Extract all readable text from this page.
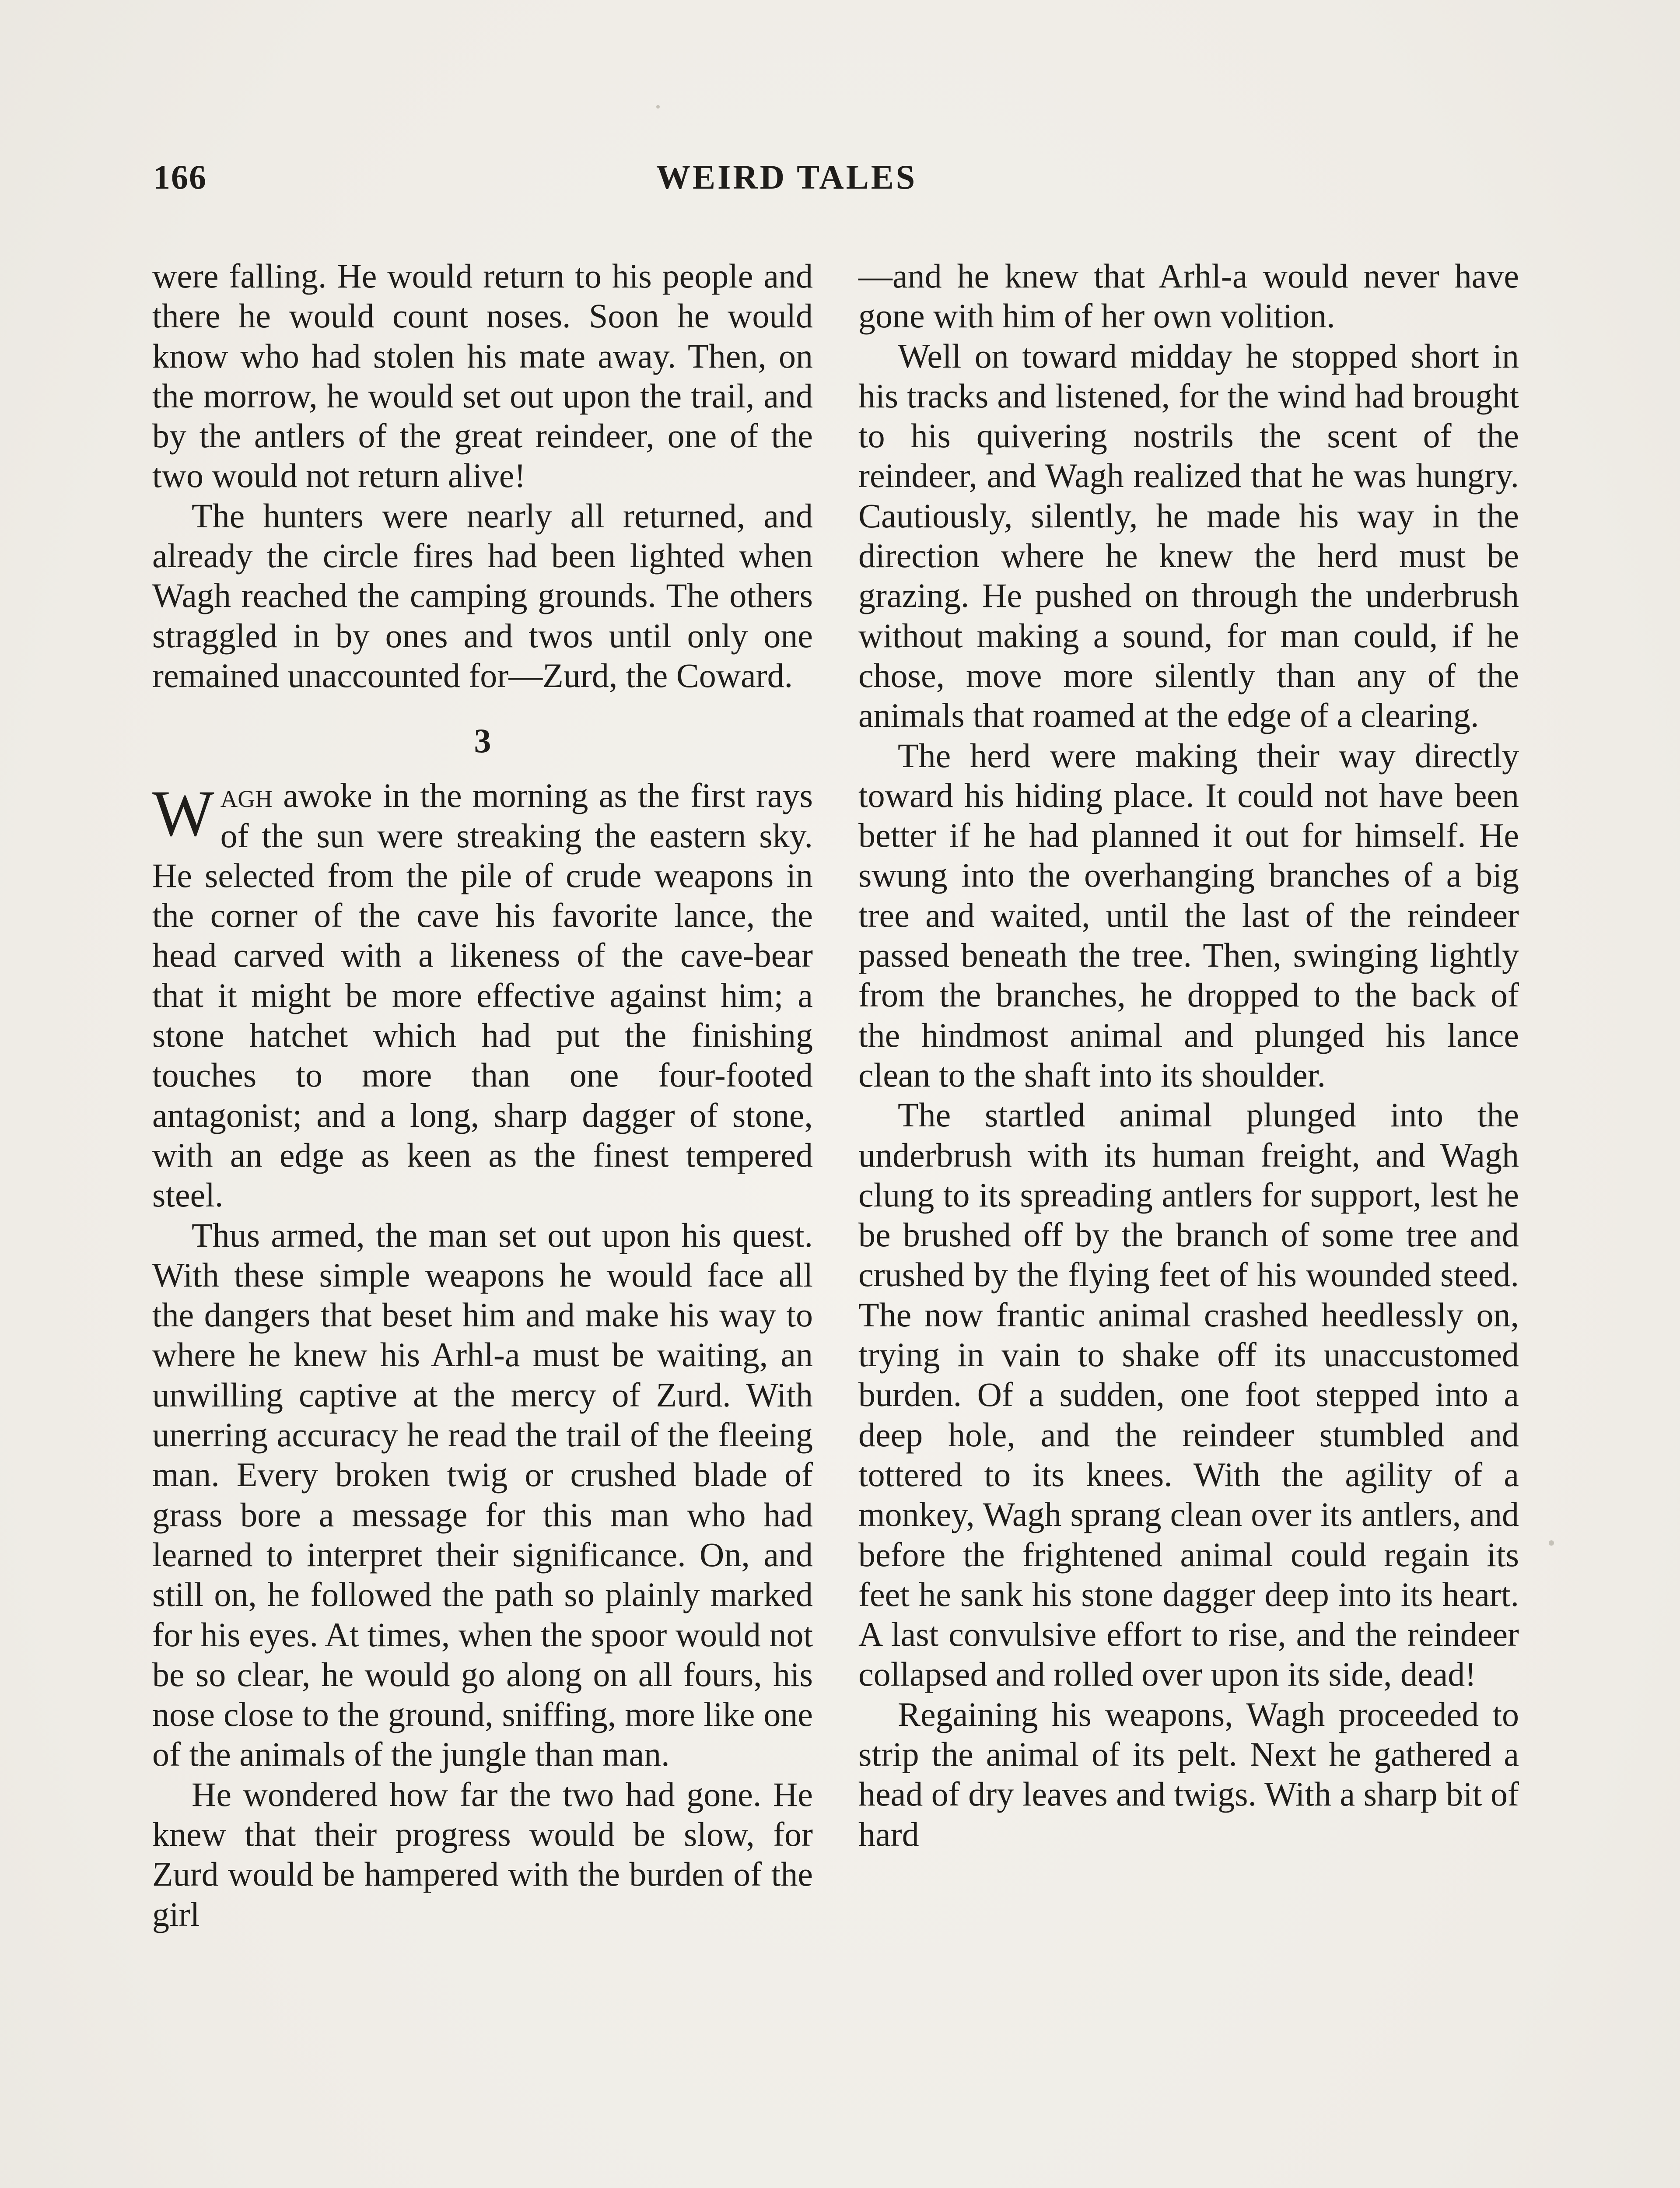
166	WEIRD TALES

were falling. He would return to his people and there he would count noses. Soon he would know who had stolen his mate away. Then, on the morrow, he would set out upon the trail, and by the antlers of the great reindeer, one of the two would not return alive!

The hunters were nearly all returned, and already the circle fires had been lighted when Wagh reached the camping grounds. The others straggled in by ones and twos until only one remained unaccounted for—Zurd, the Coward.

3

Wagh awoke in the morning as the first rays of the sun were streaking the eastern sky. He selected from the pile of crude weapons in the corner of the cave his favorite lance, the head carved with a likeness of the cave-bear that it might be more effective against him; a stone hatchet which had put the finishing touches to more than one four-footed antagonist; and a long, sharp dagger of stone, with an edge as keen as the finest tempered steel.

Thus armed, the man set out upon his quest. With these simple weapons he would face all the dangers that beset him and make his way to where he knew his Arhl-a must be waiting, an unwilling captive at the mercy of Zurd. With unerring accuracy he read the trail of the fleeing man. Every broken twig or crushed blade of grass bore a message for this man who had learned to interpret their significance. On, and still on, he followed the path so plainly marked for his eyes. At times, when the spoor would not be so clear, he would go along on all fours, his nose close to the ground, sniffing, more like one of the animals of the jungle than man.

He wondered how far the two had gone. He knew that their progress would be slow, for Zurd would be hampered with the burden of the girl

—and he knew that Arhl-a would never have gone with him of her own volition.

Well on toward midday he stopped short in his tracks and listened, for the wind had brought to his quivering nostrils the scent of the reindeer, and Wagh realized that he was hungry. Cautiously, silently, he made his way in the direction where he knew the herd must be grazing. He pushed on through the underbrush without making a sound, for man could, if he chose, move more silently than any of the animals that roamed at the edge of a clearing.

The herd were making their way directly toward his hiding place. It could not have been better if he had planned it out for himself. He swung into the overhanging branches of a big tree and waited, until the last of the reindeer passed beneath the tree. Then, swinging lightly from the branches, he dropped to the back of the hindmost animal and plunged his lance clean to the shaft into its shoulder.

The startled animal plunged into the underbrush with its human freight, and Wagh clung to its spreading antlers for support, lest he be brushed off by the branch of some tree and crushed by the flying feet of his wounded steed. The now frantic animal crashed heedlessly on, trying in vain to shake off its unaccustomed burden. Of a sudden, one foot stepped into a deep hole, and the reindeer stumbled and tottered to its knees. With the agility of a monkey, Wagh sprang clean over its antlers, and before the frightened animal could regain its feet he sank his stone dagger deep into its heart. A last convulsive effort to rise, and the reindeer collapsed and rolled over upon its side, dead!

Regaining his weapons, Wagh proceeded to strip the animal of its pelt. Next he gathered a head of dry leaves and twigs. With a sharp bit of hard
